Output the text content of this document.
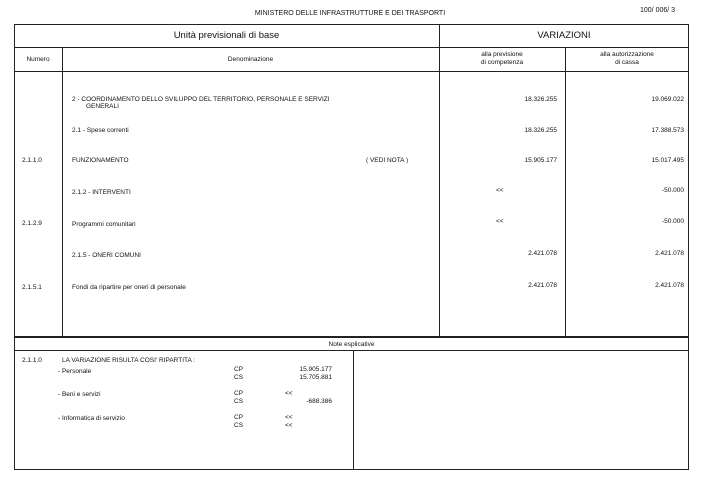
MINISTERO DELLE INFRASTRUTTURE E DEI TRASPORTI	100/ 006/ 3
Unità previsionali di base	VARIAZIONI
Numero	Denominazione
alla previsione
di competenza
alla autorizzazione
di cassa
2 - COORDINAMENTO DELLO SVILUPPO DEL TERRITORIO, PERSONALE E SERVIZI
GENERALI
18.326.255	19.069.022
2.1 - Spese correnti	18.326.255	17.388.573
2.1.1.0	FUNZIONAMENTO	( VEDI NOTA )	15.905.177	15.017.495
2.1.2 - INTERVENTI	<<	-50.000
2.1.2.9	Programmi comunitari	<<	-50.000
2.1.5 - ONERI COMUNI	2.421.078	2.421.078
2.1.5.1	Fondi da ripartire per oneri di personale	2.421.078	2.421.078
Note esplicative
2.1.1.0	LA VARIAZIONE RISULTA COSI' RIPARTITA :
- Personale	CP	15.905.177
CS	15.705.881
- Beni e servizi	CP	<<
CS	-688.386
- Informatica di servizio	CP	<<
CS	<<
